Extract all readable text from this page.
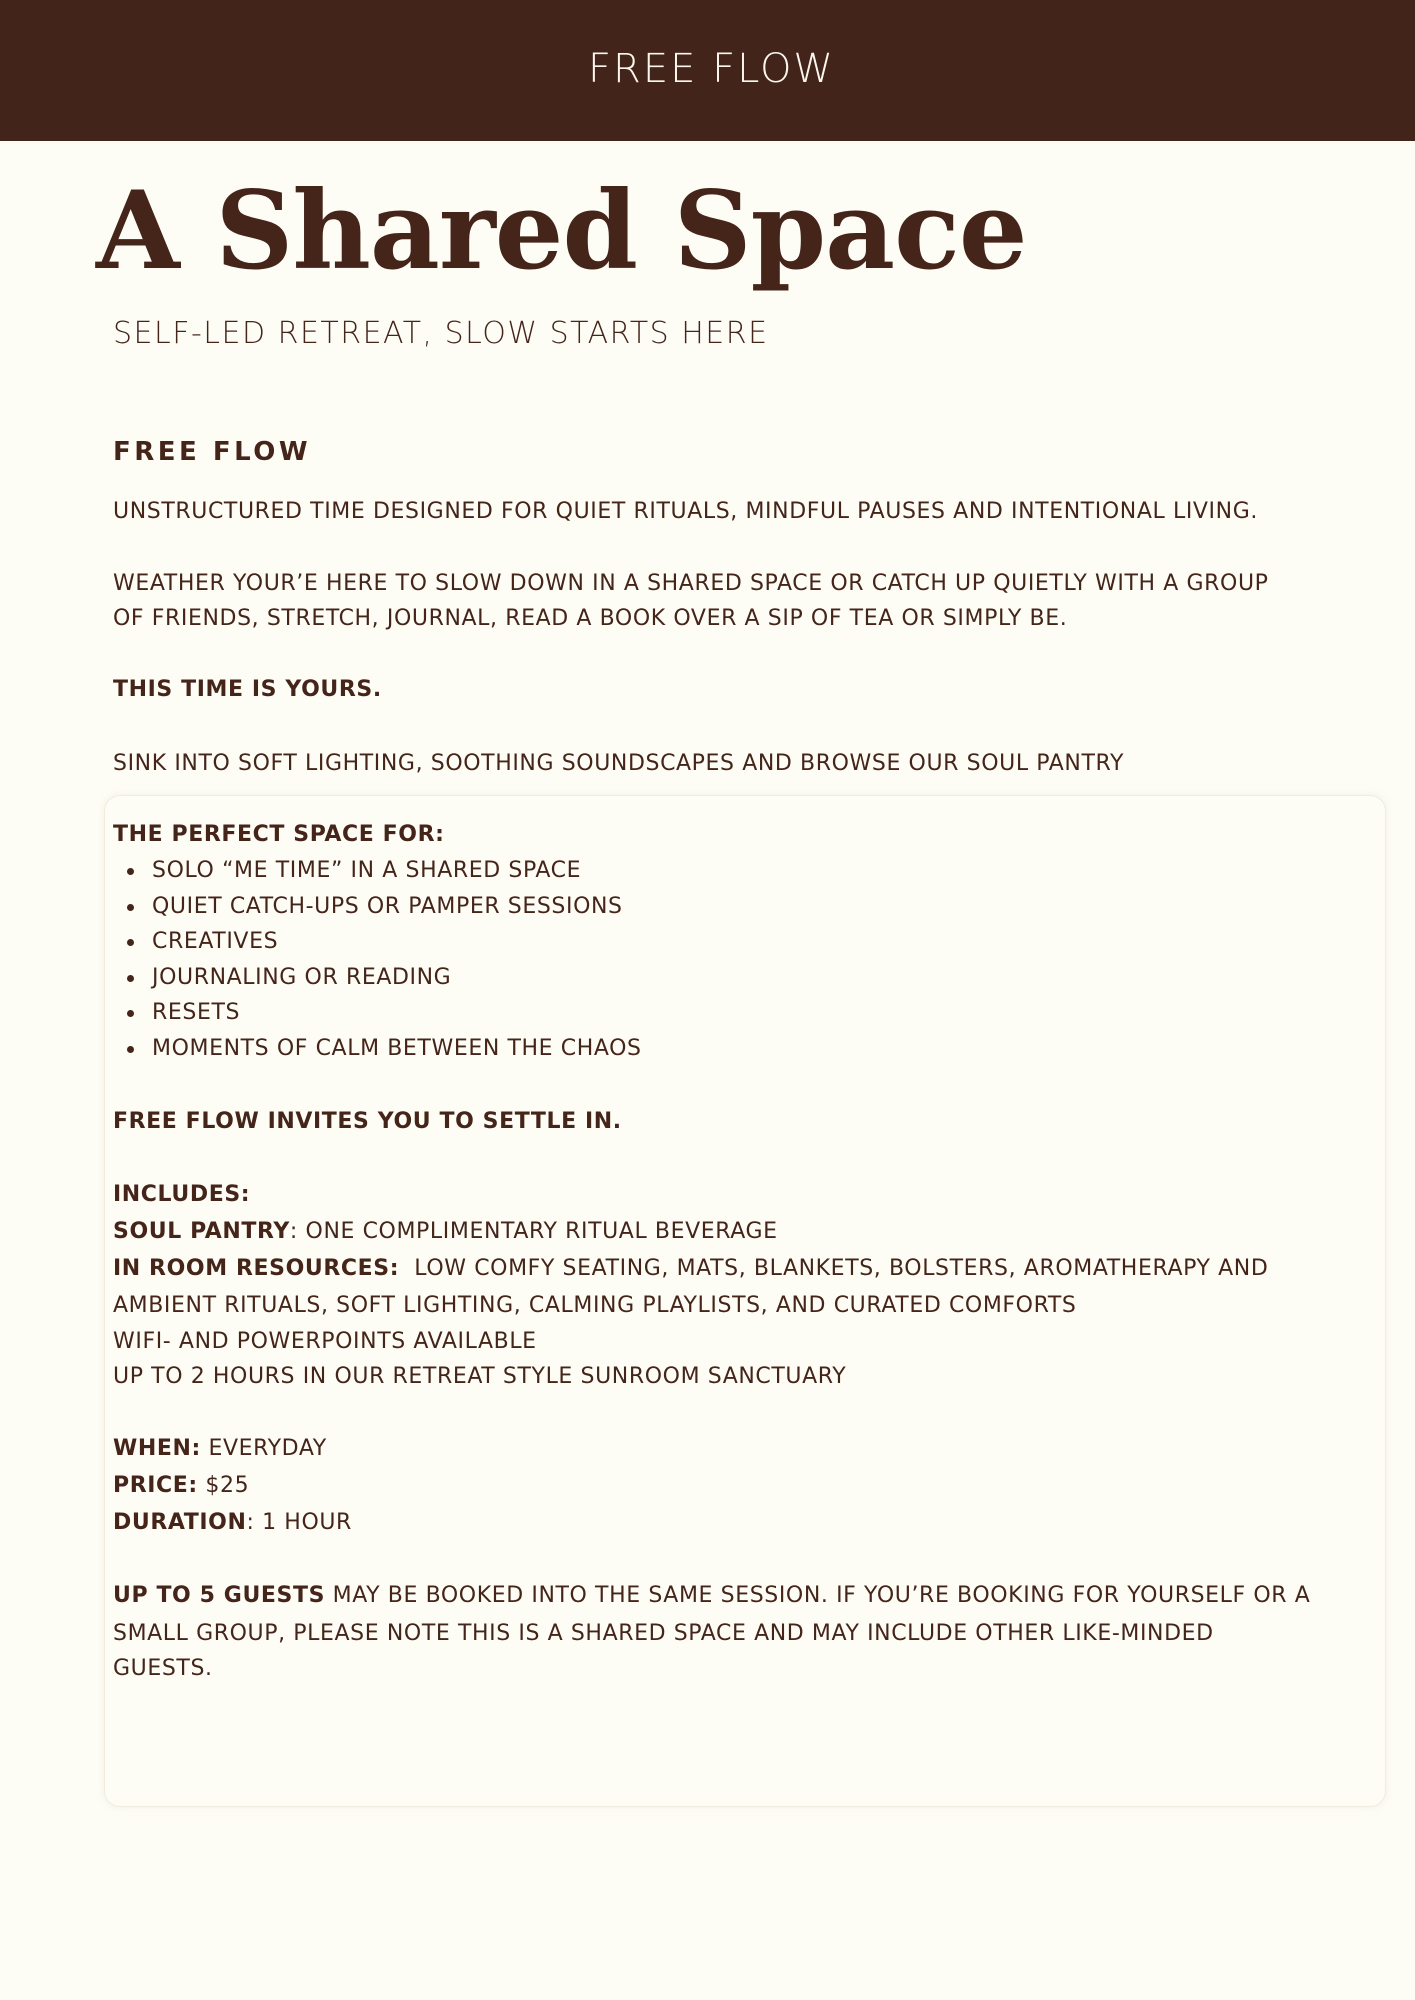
FREE FLOW
A Shared Space

SELF-LED RETREAT, SLOW STARTS HERE

FREE FLOW
UNSTRUCTURED TIME DESIGNED FOR QUIET RITUALS, MINDFUL PAUSES AND INTENTIONAL LIVING.
WEATHER YOUR’E HERE TO SLOW DOWN IN A SHARED SPACE OR CATCH UP QUIETLY WITH A GROUP
OF FRIENDS, STRETCH, JOURNAL, READ A BOOK OVER A SIP OF TEA OR SIMPLY BE.
THIS TIME IS YOURS.
SINK INTO SOFT LIGHTING, SOOTHING SOUNDSCAPES AND BROWSE OUR SOUL PANTRY
THE PERFECT SPACE FOR:
SOLO “ME TIME” IN A SHARED SPACE
QUIET CATCH-UPS OR PAMPER SESSIONS
CREATIVES
JOURNALING OR READING
RESETS
MOMENTS OF CALM BETWEEN THE CHAOS
FREE FLOW INVITES YOU TO SETTLE IN.
INCLUDES:
SOUL PANTRY: ONE COMPLIMENTARY RITUAL BEVERAGE
IN ROOM RESOURCES: LOW COMFY SEATING, MATS, BLANKETS, BOLSTERS, AROMATHERAPY AND
AMBIENT RITUALS, SOFT LIGHTING, CALMING PLAYLISTS, AND CURATED COMFORTS
WIFI- AND POWERPOINTS AVAILABLE
UP TO 2 HOURS IN OUR RETREAT STYLE SUNROOM SANCTUARY
WHEN: EVERYDAY
PRICE: $25
DURATION: 1 HOUR
UP TO 5 GUESTS MAY BE BOOKED INTO THE SAME SESSION. IF YOU’RE BOOKING FOR YOURSELF OR A
SMALL GROUP, PLEASE NOTE THIS IS A SHARED SPACE AND MAY INCLUDE OTHER LIKE-MINDED
GUESTS.
